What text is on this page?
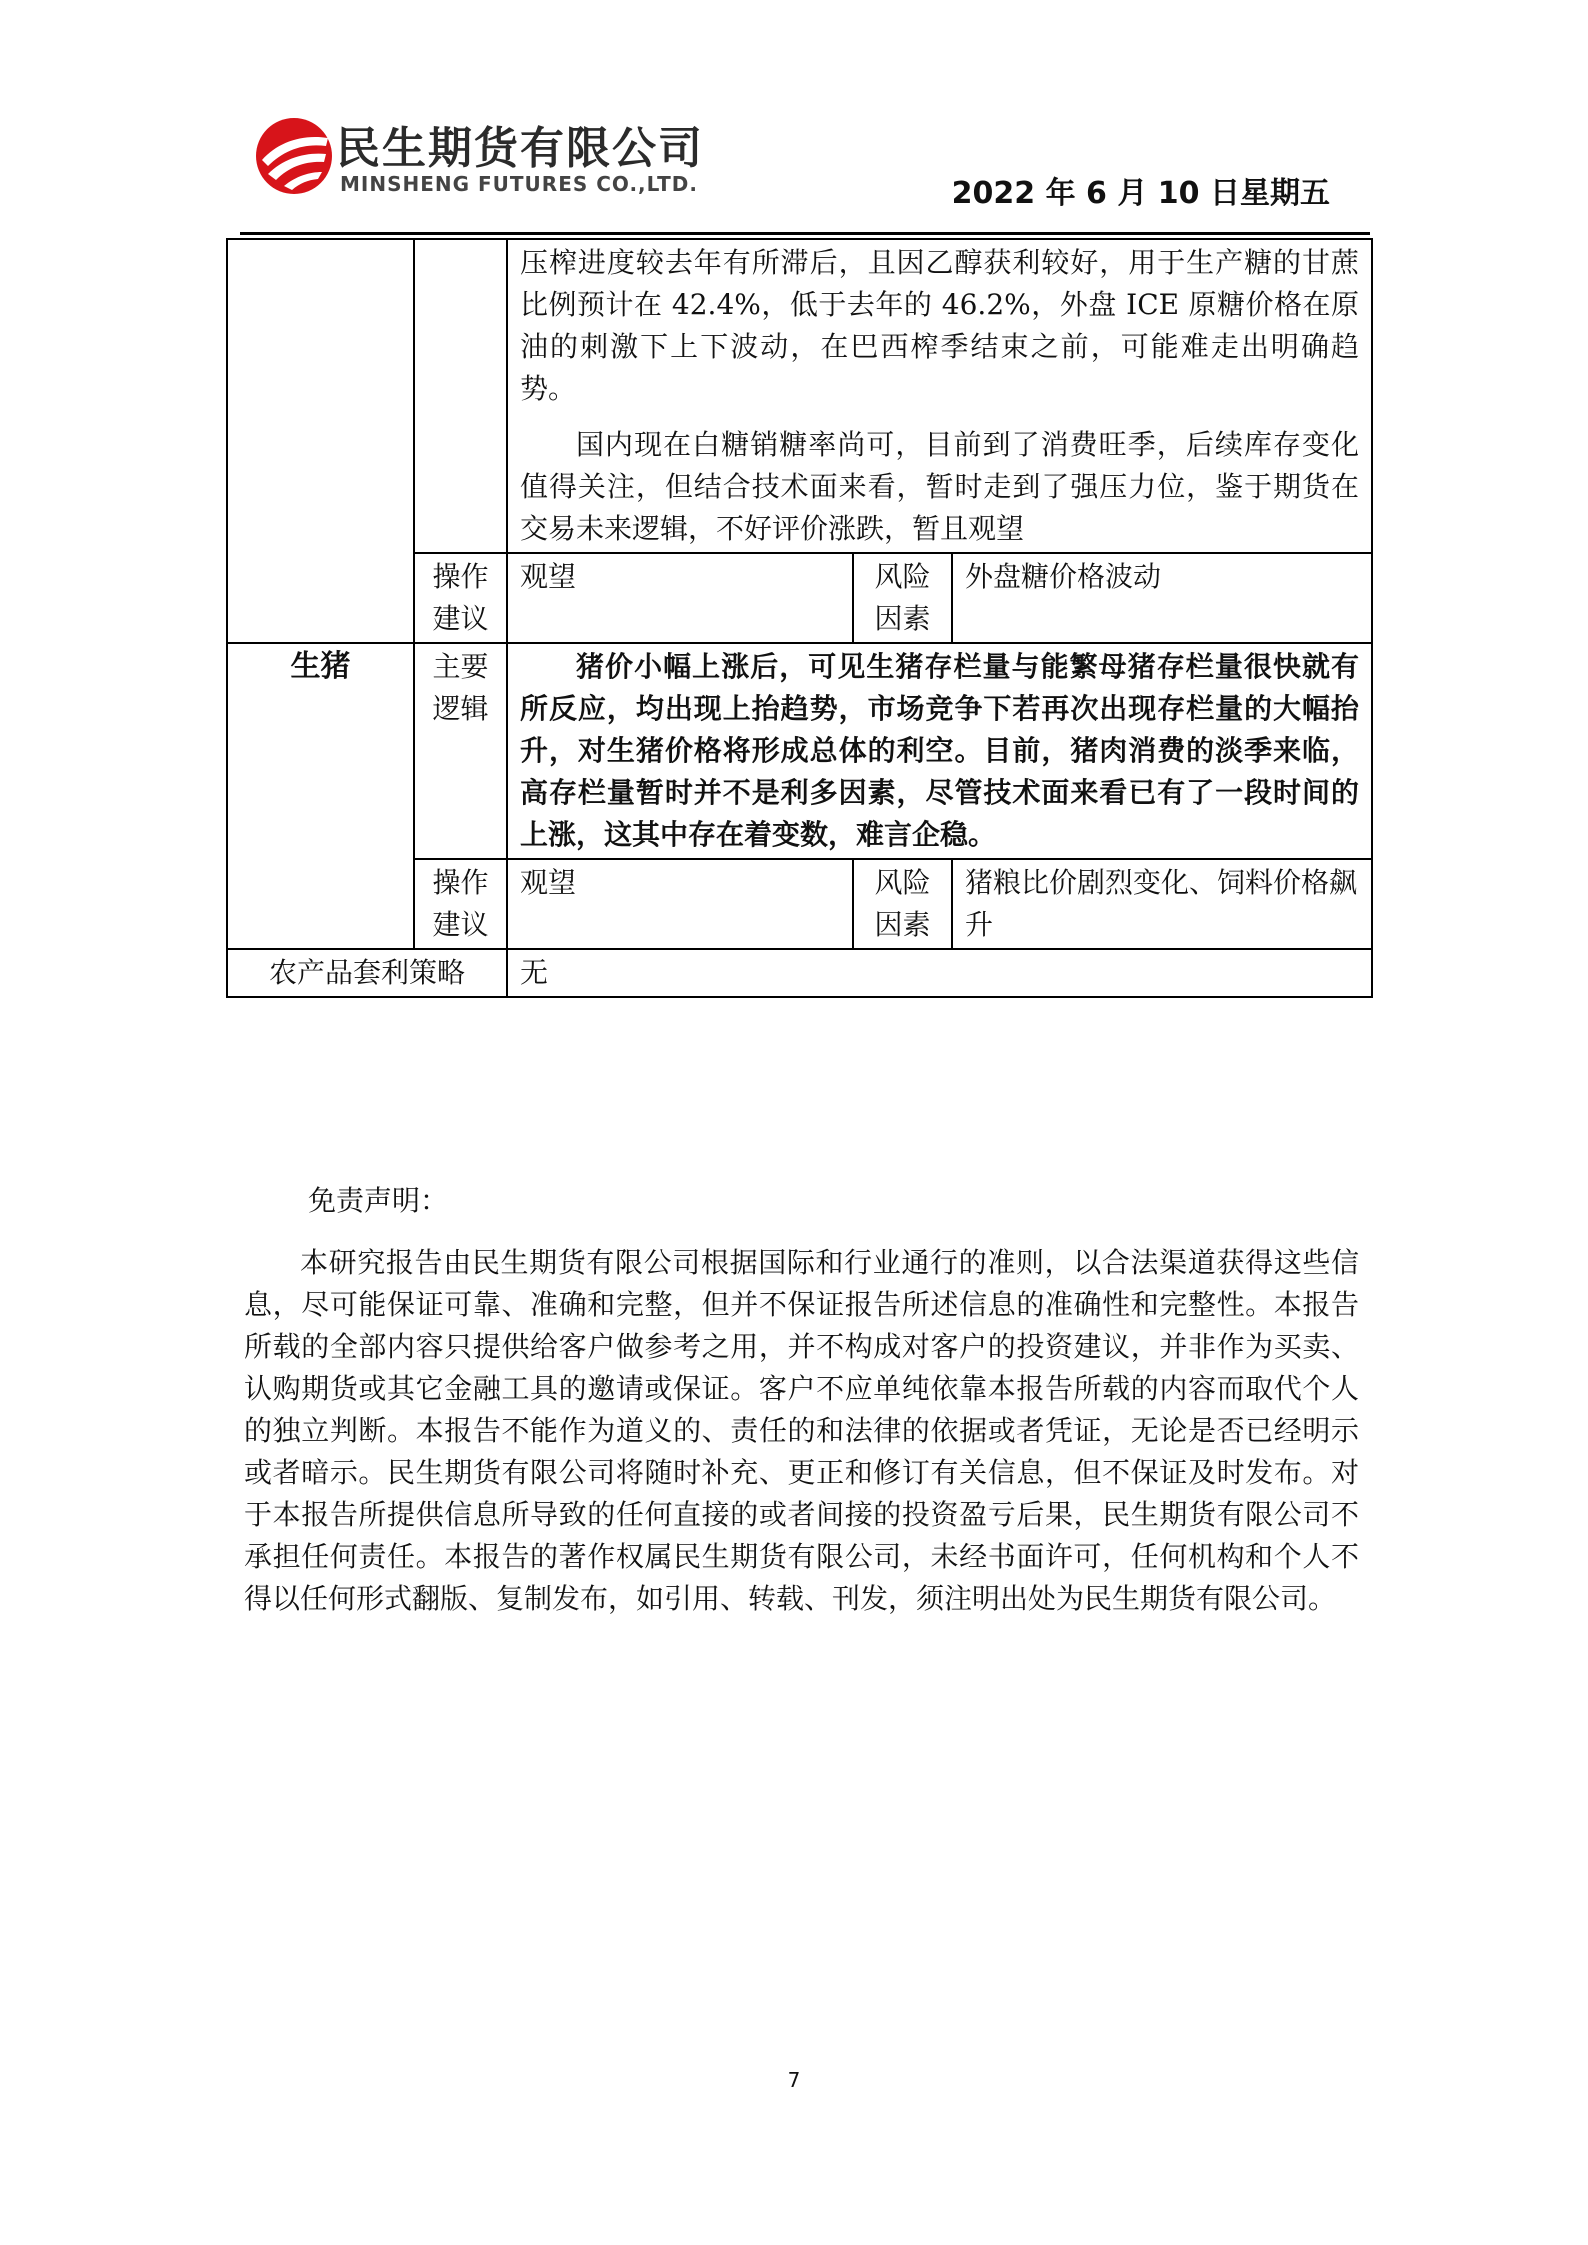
民生期货有限公司
MINSHENG FUTURES CO.,LTD.	2022 年 6 月 10 日星期五

		压榨进度较去年有所滞后，且因乙醇获利较好，用于生产糖的甘蔗比例预计在 42.4%，低于去年的 46.2%，外盘 ICE 原糖价格在原油的刺激下上下波动，在巴西榨季结束之前，可能难走出明确趋势。

国内现在白糖销糖率尚可，目前到了消费旺季，后续库存变化值得关注，但结合技术面来看，暂时走到了强压力位，鉴于期货在交易未来逻辑，不好评价涨跌，暂且观望		

	操作建议	观望	风险因素	外盘糖价格波动
生猪	主要逻辑	猪价小幅上涨后，可见生猪存栏量与能繁母猪存栏量很快就有所反应，均出现上抬趋势，市场竞争下若再次出现存栏量的大幅抬升，对生猪价格将形成总体的利空。目前，猪肉消费的淡季来临，高存栏量暂时并不是利多因素，尽管技术面来看已有了一段时间的上涨，这其中存在着变数，难言企稳。		

	操作建议	观望	风险因素	猪粮比价剧烈变化、饲料价格飙升
农产品套利策略		无		

免责声明：

本研究报告由民生期货有限公司根据国际和行业通行的准则，以合法渠道获得这些信息，尽可能保证可靠、准确和完整，但并不保证报告所述信息的准确性和完整性。本报告所载的全部内容只提供给客户做参考之用，并不构成对客户的投资建议，并非作为买卖、认购期货或其它金融工具的邀请或保证。客户不应单纯依靠本报告所载的内容而取代个人的独立判断。本报告不能作为道义的、责任的和法律的依据或者凭证，无论是否已经明示或者暗示。民生期货有限公司将随时补充、更正和修订有关信息，但不保证及时发布。对于本报告所提供信息所导致的任何直接的或者间接的投资盈亏后果，民生期货有限公司不承担任何责任。本报告的著作权属民生期货有限公司，未经书面许可，任何机构和个人不得以任何形式翻版、复制发布，如引用、转载、刊发，须注明出处为民生期货有限公司。

7
